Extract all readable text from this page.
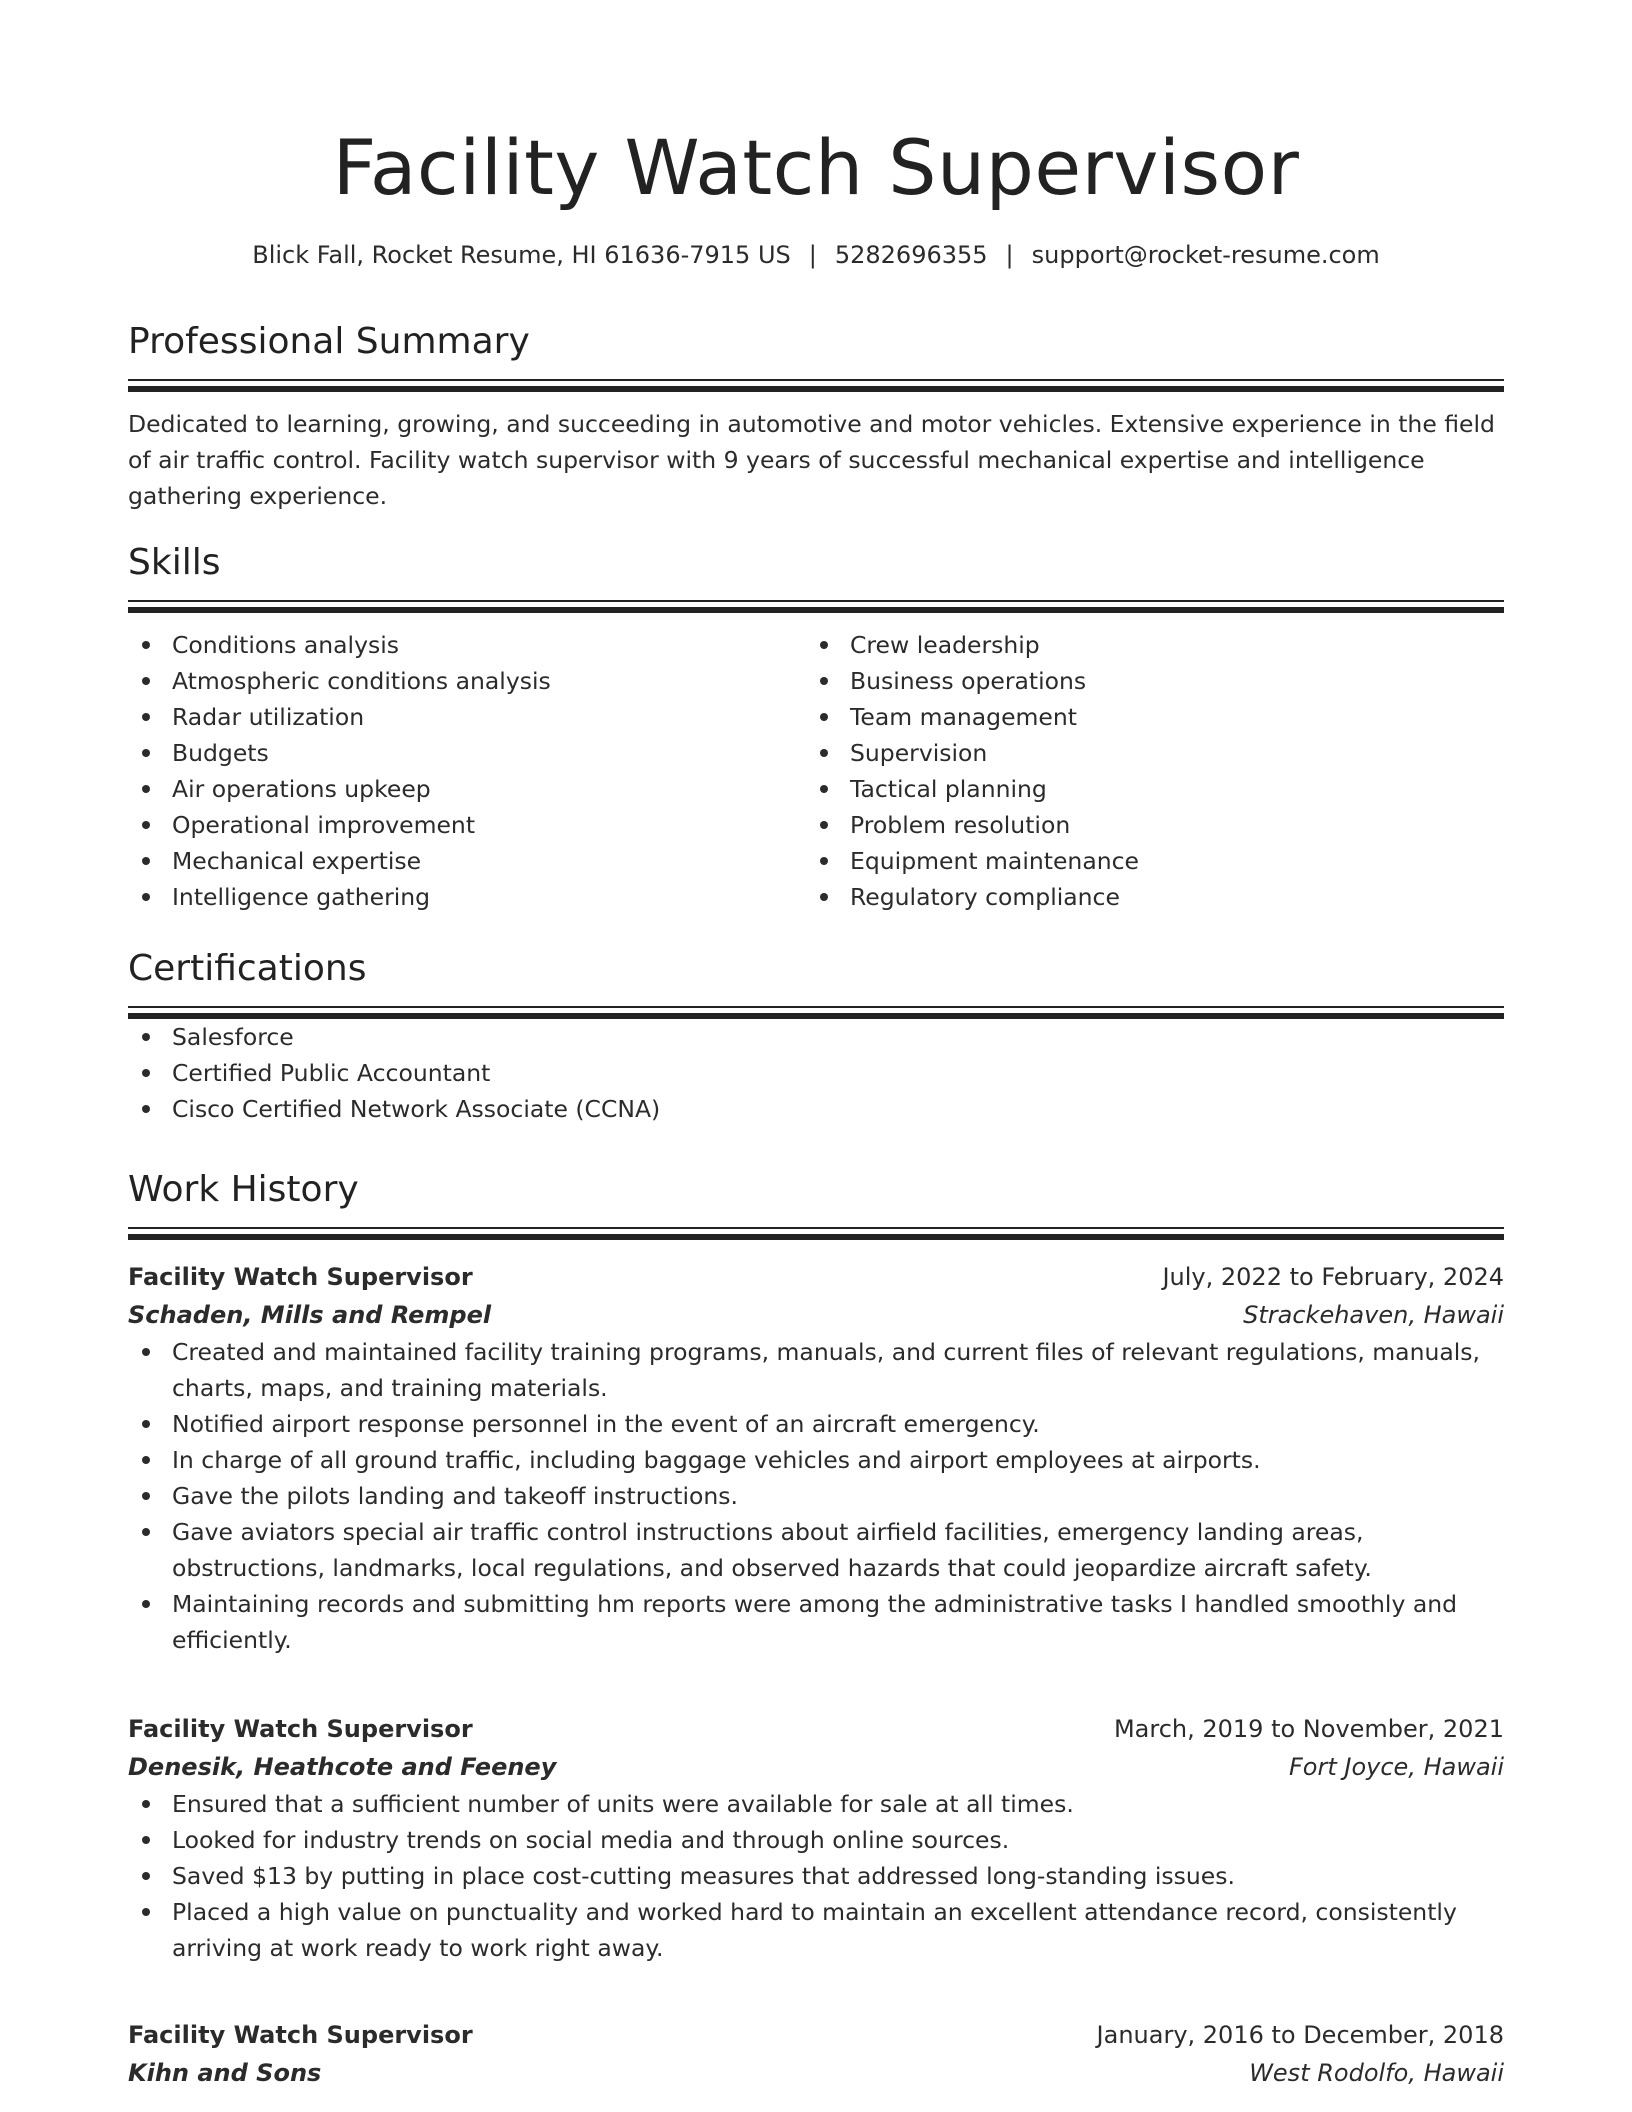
Facility Watch Supervisor
Blick Fall, Rocket Resume, HI 61636-7915 US | 5282696355 | support@rocket-resume.com
Professional Summary

Dedicated to learning, growing, and succeeding in automotive and motor vehicles. Extensive experience in the field of air traffic control. Facility watch supervisor with 9 years of successful mechanical expertise and intelligence gathering experience.

Skills
Conditions analysis
Atmospheric conditions analysis
Radar utilization
Budgets
Air operations upkeep
Operational improvement
Mechanical expertise
Intelligence gathering
Crew leadership
Business operations
Team management
Supervision
Tactical planning
Problem resolution
Equipment maintenance
Regulatory compliance
Certifications
Salesforce
Certified Public Accountant
Cisco Certified Network Associate (CCNA)
Work History
Facility Watch Supervisor	July, 2022 to February, 2024
Schaden, Mills and Rempel	Strackehaven, Hawaii
Created and maintained facility training programs, manuals, and current files of relevant regulations, manuals, charts, maps, and training materials.
Notified airport response personnel in the event of an aircraft emergency.
In charge of all ground traffic, including baggage vehicles and airport employees at airports.
Gave the pilots landing and takeoff instructions.
Gave aviators special air traffic control instructions about airfield facilities, emergency landing areas, obstructions, landmarks, local regulations, and observed hazards that could jeopardize aircraft safety.
Maintaining records and submitting hm reports were among the administrative tasks I handled smoothly and efficiently.
Facility Watch Supervisor	March, 2019 to November, 2021
Denesik, Heathcote and Feeney	Fort Joyce, Hawaii
Ensured that a sufficient number of units were available for sale at all times.
Looked for industry trends on social media and through online sources.
Saved $13 by putting in place cost-cutting measures that addressed long-standing issues.
Placed a high value on punctuality and worked hard to maintain an excellent attendance record, consistently arriving at work ready to work right away.
Facility Watch Supervisor	January, 2016 to December, 2018
Kihn and Sons	West Rodolfo, Hawaii
